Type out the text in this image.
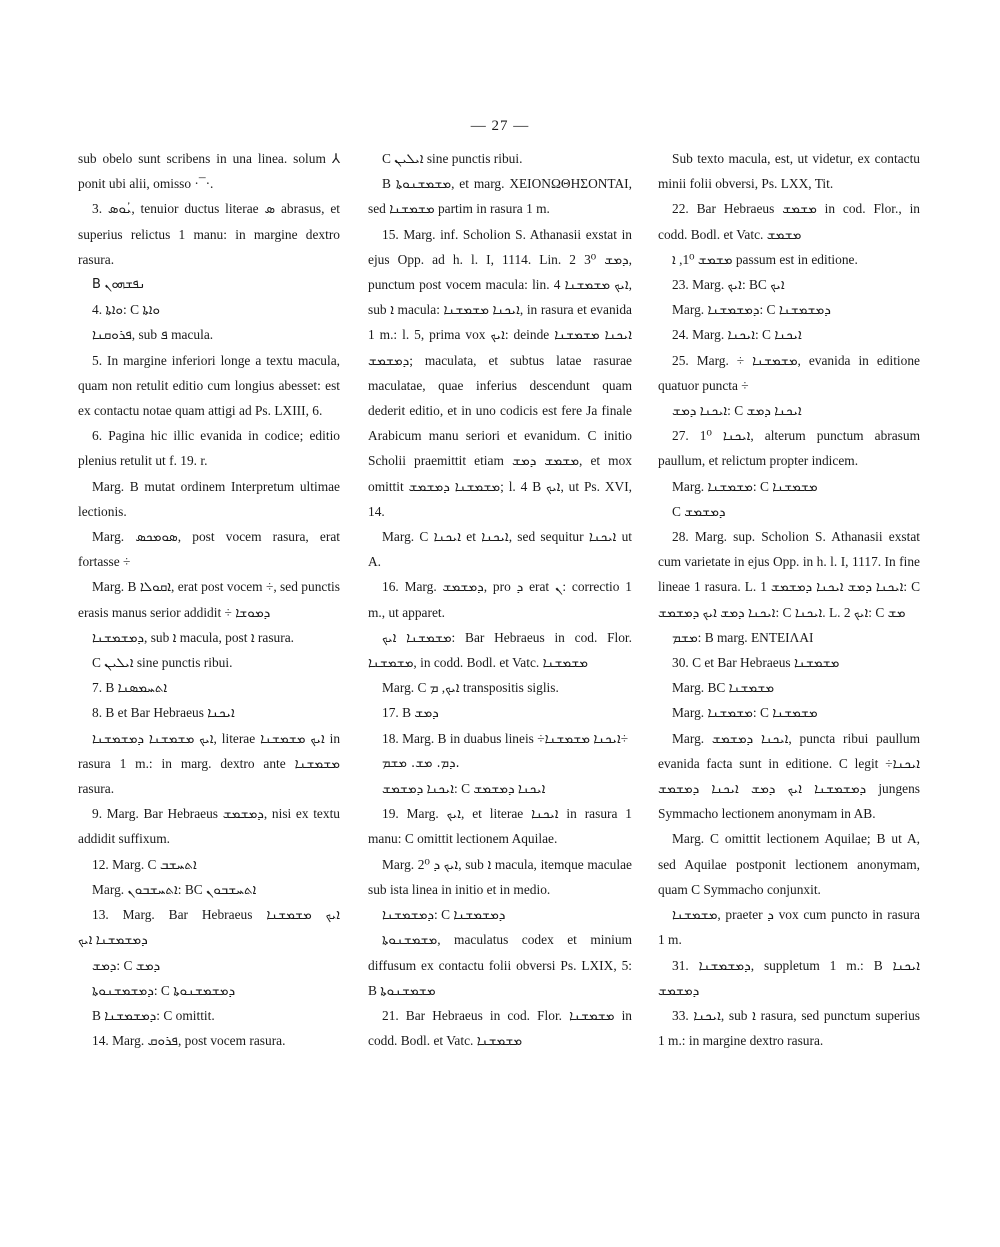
— 27 —

sub obelo sunt scribens in una linea. solum ⅄ ponit ubi alii, omisso ·¯·.

3. ܝܳܘܣ, tenuior ductus literae ܣ abrasus, et superius relictus 1 manu: in margine dextro rasura.

B ܢܦܫܗܘܢ

4. ܘܐܬܐ: C ܘܐܬܐ

ܦܪܘܩܢܐ, sub ܦ macula.

5. In margine inferiori longe a textu macula, quam non retulit editio cum longius abesset: est ex contactu notae quam attigi ad Ps. LXIII, 6.

6. Pagina hic illic evanida in codice; editio plenius retulit ut f. 19. r.

Marg. B mutat ordinem Interpretum ultimae lectionis.

Marg. ܣܘܡܟܣ, post vocem rasura, erat fortasse ÷

Marg. B ܐܩܘܠܐ, erat post vocem ÷, sed punctis erasis manus serior addidit ÷ ܕܡܘܫܐ

ܕܡܫܡܫܢܐ, sub ܐ macula, post ܐ rasura.

C ܐܝܠܝܢ sine punctis ribui.

7. B ܐܬܚܡܣܢܐ

8. B et Bar Hebraeus ܐܝܟܢܐ

ܐܝܟ ܡܫܡܫܢܐ ܕܡܫܡܫܢܐ, literae ܐܝܟ ܡܫܡܫܢܐ in rasura 1 m.: in marg. dextro ante ܡܫܡܫܢܐ rasura.

9. Marg. Bar Hebraeus ܕܡܫܡܫ, nisi ex textu addidit suffixum.

12. Marg. C ܐܬܚܫܒ

Marg. ܐܬܚܫܒܘܢ: BC ܐܬܚܫܒܘܢ

13. Marg. Bar Hebraeus ܐܝܟ ܡܫܡܫܢܐ ܕܡܫܡܫܢܐ ܐܝܟ

ܕܡܫ: C ܕܡܫ

ܕܡܫܡܫܢܘܬܐ: C ܕܡܫܡܫܢܘܬܐ

B ܕܡܫܡܫܢܐ: C omittit.

14. Marg. ܦܪܘܩ, post vocem rasura.

C ܐܝܠܝܢ sine punctis ribui.

B ܡܫܡܫܢܘܬܐ, et marg. ΧΕΙΟΝΩΘΗΣΟΝΤΑΙ, sed ܡܫܡܫܢܐ partim in rasura 1 m.

15. Marg. inf. Scholion S. Athanasii exstat in ejus Opp. ad h. l. I, 1114. Lin. 2 ܕܡܫ 3⁰, punctum post vocem macula: lin. 4 ܐܝܟ ܡܫܡܫܢܐ, sub ܐ macula: ܐܝܟܢܐ ܡܫܡܫܢܐ, in rasura et evanida 1 m.: l. 5, prima vox ܐܝܟ: deinde ܐܝܟܢܐ ܡܫܡܫܢܐ ܕܡܫܡܫ; maculata, et subtus latae rasurae maculatae, quae inferius descendunt quam dederit editio, et in uno codicis est fere Ja finale Arabicum manu seriori et evanidum. C initio Scholii praemittit etiam ܡܫܡܫ ܕܡܫ, et mox omittit ܡܫܡܫܢܐ ܕܡܫܡܫ; l. 4 B ܐܝܟ, ut Ps. XVI, 14.

Marg. C ܐܝܟܢܐ et ܐܝܟܢܐ, sed sequitur ܐܝܟܢܐ ut A.

16. Marg. ܕܡܫܡܫ, pro ܕ erat ܢ: correctio 1 m., ut apparet.

ܡܫܡܫܢܐ ܐܝܟ: Bar Hebraeus in cod. Flor. ܡܫܡܫܢܐ, in codd. Bodl. et Vatc. ܡܫܡܫܢܐ

Marg. C ܐܝܟ, ܡ transpositis siglis.

17. B ܕܡܫ

18. Marg. B in duabus lineis ÷ܐܝܟܢܐ ܡܫܡܫܢܐ÷

ܕܡ. ܡܫ. ܡܫܡ.

ܐܝܟܢܐ ܕܡܫܡܫ: C ܐܝܟܢܐ ܕܡܫܡܫ

19. Marg. ܐܝܟ, et literae ܐܝܟܢܐ in rasura 1 manu: C omittit lectionem Aquilae.

Marg. ܐܝܟ ܕ 2⁰, sub ܐ macula, itemque maculae sub ista linea in initio et in medio.

ܕܡܫܡܫܢܐ: C ܕܡܫܡܫܢܐ

ܡܫܡܫܢܘܬܐ, maculatus codex et minium diffusum ex contactu folii obversi Ps. LXIX, 5: B ܡܫܡܫܢܘܬܐ

21. Bar Hebraeus in cod. Flor. ܡܫܡܫܢܐ in codd. Bodl. et Vatc. ܡܫܡܫܢܐ

Sub texto macula, est, ut videtur, ex contactu minii folii obversi, Ps. LXX, Tit.

22. Bar Hebraeus ܡܫܡܫ in cod. Flor., in codd. Bodl. et Vatc. ܡܫܡܫ

ܡܫܡܫ 1⁰, ܐ passum est in editione.

23. Marg. ܐܝܟ: BC ܐܝܟ

Marg. ܕܡܫܡܫܢܐ: C ܕܡܫܡܫܢܐ

24. Marg. ܐܝܟܢܐ: C ܐܝܟܢܐ

25. Marg. ÷ ܡܫܡܫܢܐ, evanida in editione quatuor puncta ÷

ܐܝܟܢܐ ܕܡܫ: C ܐܝܟܢܐ ܕܡܫ

27. ܐܝܟܢܐ 1⁰, alterum punctum abrasum paullum, et relictum propter indicem.

Marg. ܡܫܡܫܢܐ: C ܡܫܡܫܢܐ

C ܕܡܫܡܫ

28. Marg. sup. Scholion S. Athanasii exstat cum varietate in ejus Opp. in h. l. I, 1117. In fine lineae 1 rasura. L. 1 ܐܝܟܢܐ ܕܡܫ ܐܝܟܢܐ ܕܡܫܡܫ: C ܐܝܟܢܐ ܕܡܫ ܐܝܟ ܕܡܫܡܫ: C ܐܝܟܢܐ. L. 2 ܐܝܟ: C ܡܫ

ܡܫܡ: B marg. ΕΝΤΕΙΛΑΙ

30. C et Bar Hebraeus ܡܫܡܫܢܐ

Marg. BC ܡܫܡܫܢܐ

Marg. ܡܫܡܫܢܐ: C ܡܫܡܫܢܐ

Marg. ܐܝܟܢܐ ܕܡܫܡܫ, puncta ribui paullum evanida facta sunt in editione. C legit ÷ܐܝܟܢܐ ܕܡܫܡܫܢܐ ܐܝܟ ܕܡܫ ܐܝܟܢܐ ܕܡܫܡܫ jungens Symmacho lectionem anonymam in AB.

Marg. C omittit lectionem Aquilae; B ut A, sed Aquilae postponit lectionem anonymam, quam C Symmacho conjunxit.

ܡܫܡܫܢܐ, praeter ܕ vox cum puncto in rasura 1 m.

31. ܕܡܫܡܫܢܐ, suppletum 1 m.: B ܐܝܟܢܐ ܕܡܫܡܫ

33. ܐܝܟܢܐ, sub ܐ rasura, sed punctum superius 1 m.: in margine dextro rasura.
